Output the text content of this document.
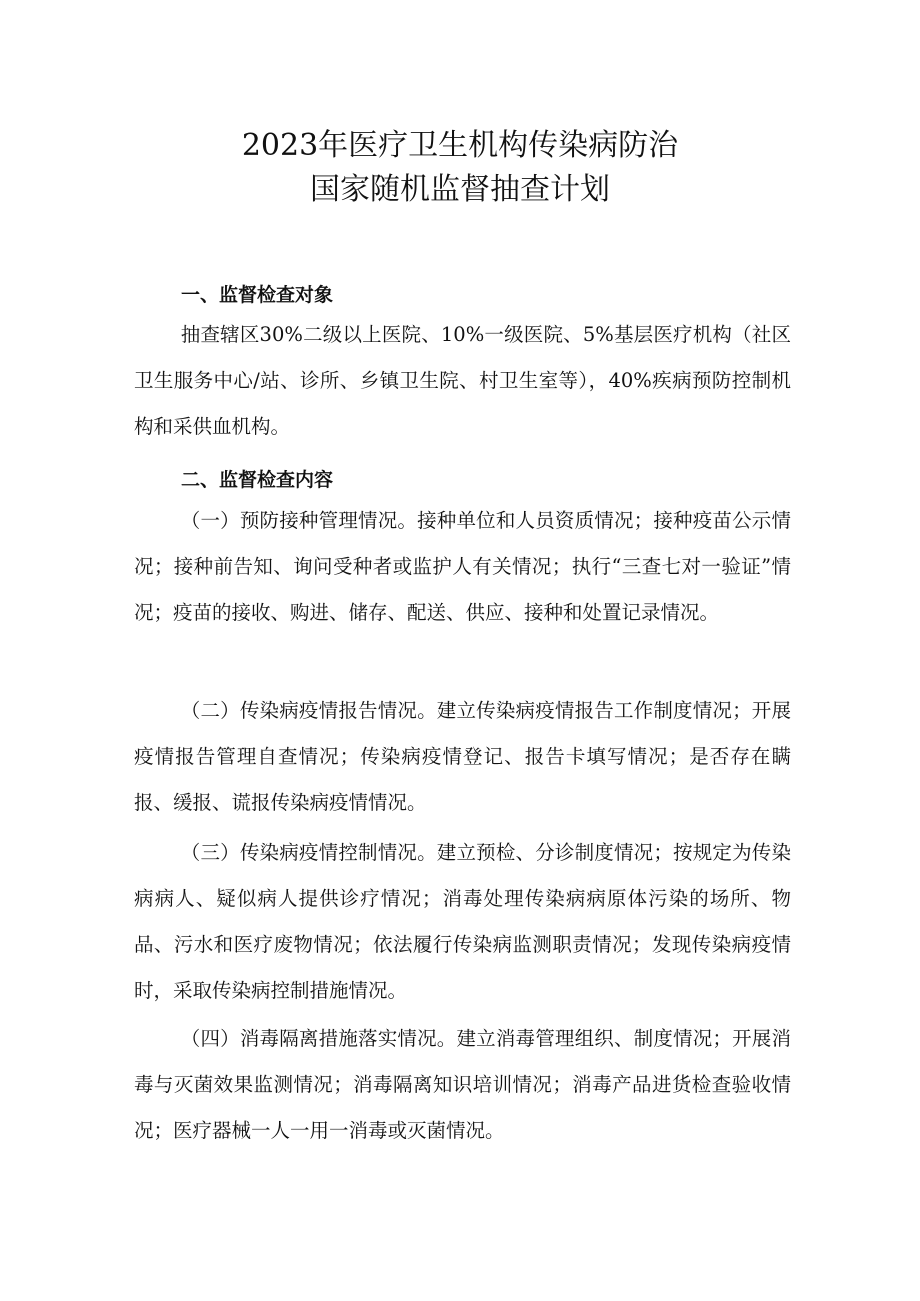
2023年医疗卫生机构传染病防治
国家随机监督抽查计划
一、监督检查对象

抽查辖区30%二级以上医院、10%一级医院、5%基层医疗机构（社区卫生服务中心/站、诊所、乡镇卫生院、村卫生室等），40%疾病预防控制机构和采供血机构。

二、监督检查内容

（一）预防接种管理情况。接种单位和人员资质情况；接种疫苗公示情况；接种前告知、询问受种者或监护人有关情况；执行“三查七对一验证”情况；疫苗的接收、购进、储存、配送、供应、接种和处置记录情况。

（二）传染病疫情报告情况。建立传染病疫情报告工作制度情况；开展疫情报告管理自查情况；传染病疫情登记、报告卡填写情况；是否存在瞒报、缓报、谎报传染病疫情情况。

（三）传染病疫情控制情况。建立预检、分诊制度情况；按规定为传染病病人、疑似病人提供诊疗情况；消毒处理传染病病原体污染的场所、物品、污水和医疗废物情况；依法履行传染病监测职责情况；发现传染病疫情时，采取传染病控制措施情况。

（四）消毒隔离措施落实情况。建立消毒管理组织、制度情况；开展消毒与灭菌效果监测情况；消毒隔离知识培训情况；消毒产品进货检查验收情况；医疗器械一人一用一消毒或灭菌情况。
